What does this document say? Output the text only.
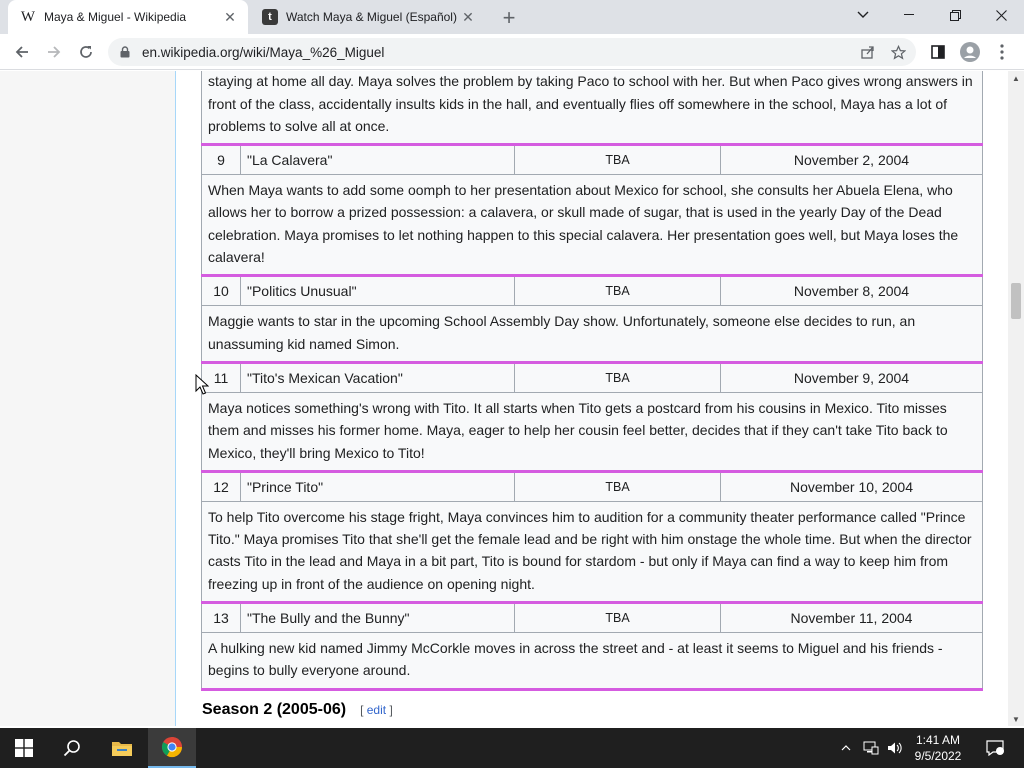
W Maya & Miguel - Wikipedia	✕	t	Watch Maya & Miguel (Español) ✕ +
en.wikipedia.org/wiki/Maya_%26_Miguel
staying at home all day. Maya solves the problem by taking Paco to school with her. But when Paco gives wrong answers in front of the class, accidentally insults kids in the hall, and eventually flies off somewhere in the school, Maya has a lot of problems to solve all at once.			
9	"La Calavera"	TBA	November 2, 2004
When Maya wants to add some oomph to her presentation about Mexico for school, she consults her Abuela Elena, who allows her to borrow a prized possession: a calavera, or skull made of sugar, that is used in the yearly Day of the Dead celebration. Maya promises to let nothing happen to this special calavera. Her presentation goes well, but Maya loses the calavera!			
10	"Politics Unusual"	TBA	November 8, 2004
Maggie wants to star in the upcoming School Assembly Day show. Unfortunately, someone else decides to run, an unassuming kid named Simon.			
11	"Tito's Mexican Vacation"	TBA	November 9, 2004
Maya notices something's wrong with Tito. It all starts when Tito gets a postcard from his cousins in Mexico. Tito misses them and misses his former home. Maya, eager to help her cousin feel better, decides that if they can't take Tito back to Mexico, they'll bring Mexico to Tito!			
12	"Prince Tito"	TBA	November 10, 2004
To help Tito overcome his stage fright, Maya convinces him to audition for a community theater performance called "Prince Tito." Maya promises Tito that she'll get the female lead and be right with him onstage the whole time. But when the director casts Tito in the lead and Maya in a bit part, Tito is bound for stardom - but only if Maya can find a way to keep him from freezing up in front of the audience on opening night.			
13	"The Bully and the Bunny"	TBA	November 11, 2004
A hulking new kid named Jimmy McCorkle moves in across the street and - at least it seems to Miguel and his friends - begins to bully everyone around.			
Season 2 (2005-06) [ edit ]
▲
▼
1:41 AM
9/5/2022
